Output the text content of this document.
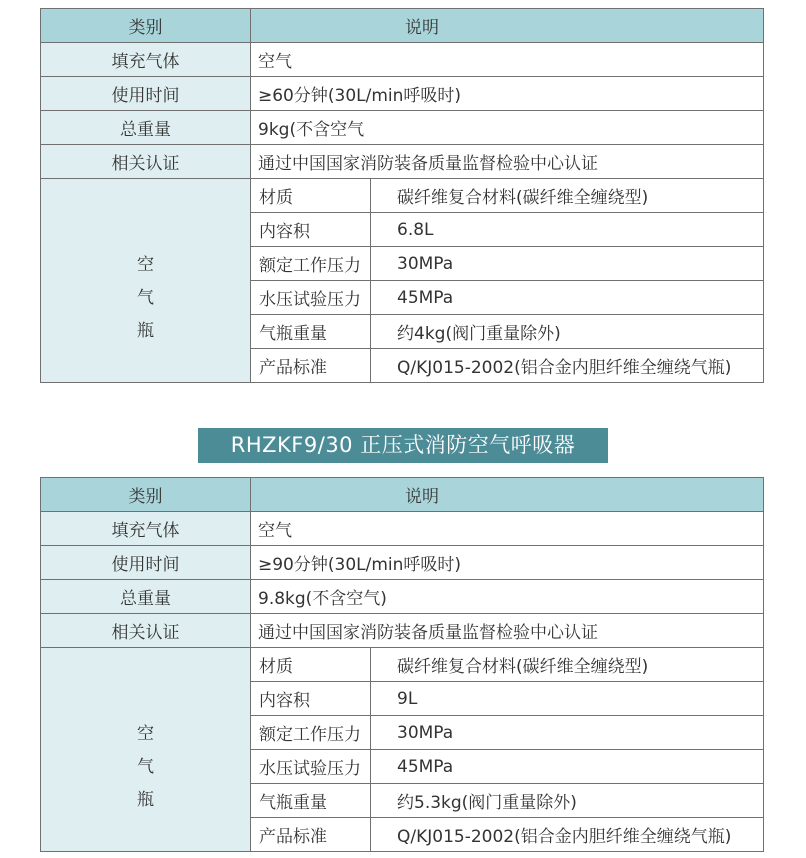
类别	说明	
填充气体	空气	
使用时间	≥60分钟(30L/min呼吸时)	
总重量	9kg(不含空气	
相关认证	通过中国国家消防装备质量监督检验中心认证	

空
气
瓶	材质	碳纤维复合材料(碳纤维全缠绕型)
	内容积	6.8L
	额定工作压力	30MPa
	水压试验压力	45MPa
	气瓶重量	约4kg(阀门重量除外)
	产品标准	Q/KJ015-2002(铝合金内胆纤维全缠绕气瓶)
RHZKF9/30 正压式消防空气呼吸器
类别	说明	
填充气体	空气	
使用时间	≥90分钟(30L/min呼吸时)	
总重量	9.8kg(不含空气)	
相关认证	通过中国国家消防装备质量监督检验中心认证	

空
气
瓶	材质	碳纤维复合材料(碳纤维全缠绕型)
	内容积	9L
	额定工作压力	30MPa
	水压试验压力	45MPa
	气瓶重量	约5.3kg(阀门重量除外)
	产品标准	Q/KJ015-2002(铝合金内胆纤维全缠绕气瓶)
